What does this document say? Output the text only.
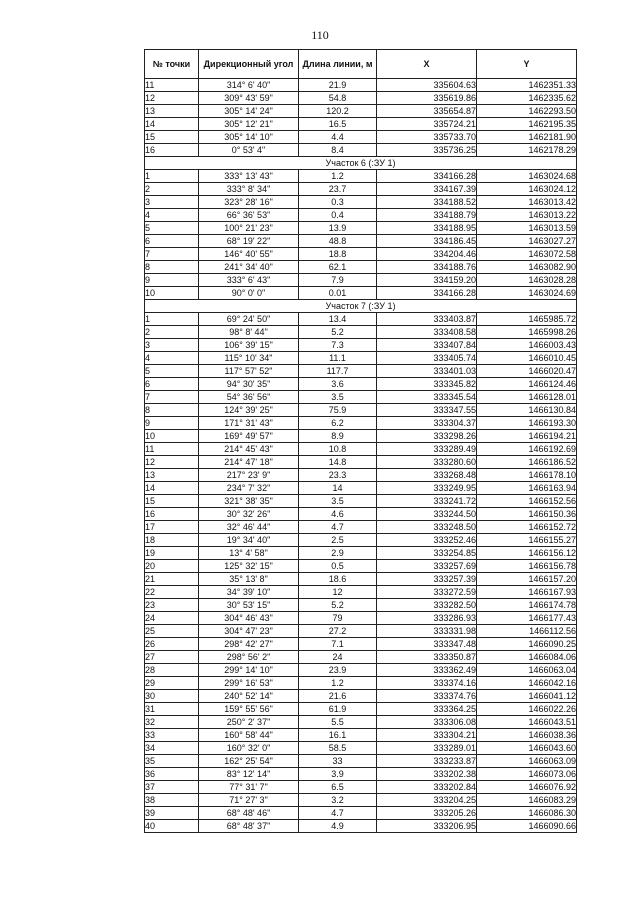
110
№ точки	Дирекционный угол	Длина линии, м	X	Y
11	314° 6' 40"	21.9	335604.63	1462351.33
12	309° 43' 59"	54.8	335619.86	1462335.62
13	305° 14' 24"	120.2	335654.87	1462293.50
14	305° 12' 21"	16.5	335724.21	1462195.35
15	305° 14' 10"	4.4	335733.70	1462181.90
16	0° 53' 4"	8.4	335736.25	1462178.29
Участок 6 (:ЗУ 1)				
1	333° 13' 43"	1.2	334166.28	1463024.68
2	333° 8' 34"	23.7	334167.39	1463024.12
3	323° 28' 16"	0.3	334188.52	1463013.42
4	66° 36' 53"	0.4	334188.79	1463013.22
5	100° 21' 23"	13.9	334188.95	1463013.59
6	68° 19' 22"	48.8	334186.45	1463027.27
7	146° 40' 55"	18.8	334204.46	1463072.58
8	241° 34' 40"	62.1	334188.76	1463082.90
9	333° 6' 43"	7.9	334159.20	1463028.28
10	90° 0' 0"	0.01	334166.28	1463024.69
Участок 7 (:ЗУ 1)				
1	69° 24' 50"	13.4	333403.87	1465985.72
2	98° 8' 44"	5.2	333408.58	1465998.26
3	106° 39' 15"	7.3	333407.84	1466003.43
4	115° 10' 34"	11.1	333405.74	1466010.45
5	117° 57' 52"	117.7	333401.03	1466020.47
6	94° 30' 35"	3.6	333345.82	1466124.46
7	54° 36' 56"	3.5	333345.54	1466128.01
8	124° 39' 25"	75.9	333347.55	1466130.84
9	171° 31' 43"	6.2	333304.37	1466193.30
10	169° 49' 57"	8.9	333298.26	1466194.21
11	214° 45' 43"	10.8	333289.49	1466192.69
12	214° 47' 18"	14.8	333280.60	1466186.52
13	217° 23' 9"	23.3	333268.48	1466178.10
14	234° 7' 32"	14	333249.95	1466163.94
15	321° 38' 35"	3.5	333241.72	1466152.56
16	30° 32' 26"	4.6	333244.50	1466150.36
17	32° 46' 44"	4.7	333248.50	1466152.72
18	19° 34' 40"	2.5	333252.46	1466155.27
19	13° 4' 58"	2.9	333254.85	1466156.12
20	125° 32' 15"	0.5	333257.69	1466156.78
21	35° 13' 8"	18.6	333257.39	1466157.20
22	34° 39' 10"	12	333272.59	1466167.93
23	30° 53' 15"	5.2	333282.50	1466174.78
24	304° 46' 43"	79	333286.93	1466177.43
25	304° 47' 23"	27.2	333331.98	1466112.56
26	298° 42' 27"	7.1	333347.48	1466090.25
27	298° 56' 2"	24	333350.87	1466084.06
28	299° 14' 10"	23.9	333362.49	1466063.04
29	299° 16' 53"	1.2	333374.16	1466042.16
30	240° 52' 14"	21.6	333374.76	1466041.12
31	159° 55' 56"	61.9	333364.25	1466022.26
32	250° 2' 37"	5.5	333306.08	1466043.51
33	160° 58' 44"	16.1	333304.21	1466038.36
34	160° 32' 0"	58.5	333289.01	1466043.60
35	162° 25' 54"	33	333233.87	1466063.09
36	83° 12' 14"	3.9	333202.38	1466073.06
37	77° 31' 7"	6.5	333202.84	1466076.92
38	71° 27' 3"	3.2	333204.25	1466083.29
39	68° 48' 46"	4.7	333205.26	1466086.30
40	68° 48' 37"	4.9	333206.95	1466090.66
